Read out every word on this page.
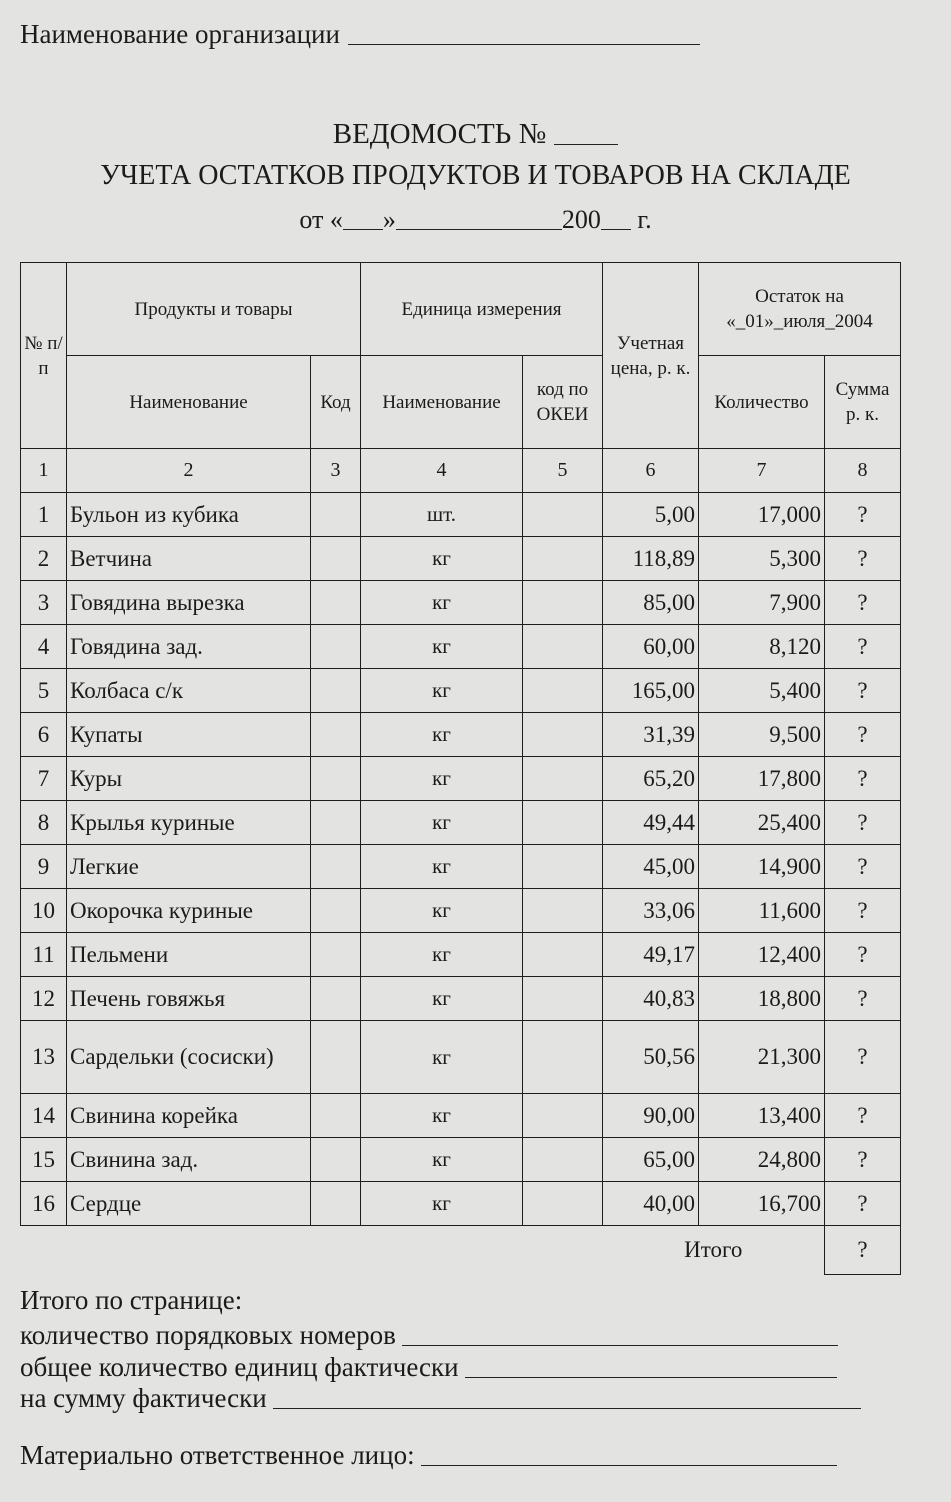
Наименование организации
ВЕДОМОСТЬ №
УЧЕТА ОСТАТКОВ ПРОДУКТОВ И ТОВАРОВ НА СКЛАДЕ
от « »	200 г.
№ п/п	Продукты и товары		Единица измерения		Учетная цена, р. к.	Остаток на «_01»_июля_2004	
	Наименование	Код	Наименование	код по ОКЕИ		Количество	Сумма р. к.
1	2	3	4	5	6	7	8
1	Бульон из кубика		шт.		5,00	17,000	?
2	Ветчина		кг		118,89	5,300	?
3	Говядина вырезка		кг		85,00	7,900	?
4	Говядина зад.		кг		60,00	8,120	?
5	Колбаса с/к		кг		165,00	5,400	?
6	Купаты		кг		31,39	9,500	?
7	Куры		кг		65,20	17,800	?
8	Крылья куриные		кг		49,44	25,400	?
9	Легкие		кг		45,00	14,900	?
10	Окорочка куриные		кг		33,06	11,600	?
11	Пельмени		кг		49,17	12,400	?
12	Печень говяжья		кг		40,83	18,800	?
13	Сардельки (сосиски)		кг		50,56	21,300	?
14	Свинина корейка		кг		90,00	13,400	?
15	Свинина зад.		кг		65,00	24,800	?
16	Сердце		кг		40,00	16,700	?
					Итого		?
Итого по странице:
количество порядковых номеров
общее количество единиц фактически
на сумму фактически
Материально ответственное лицо:
